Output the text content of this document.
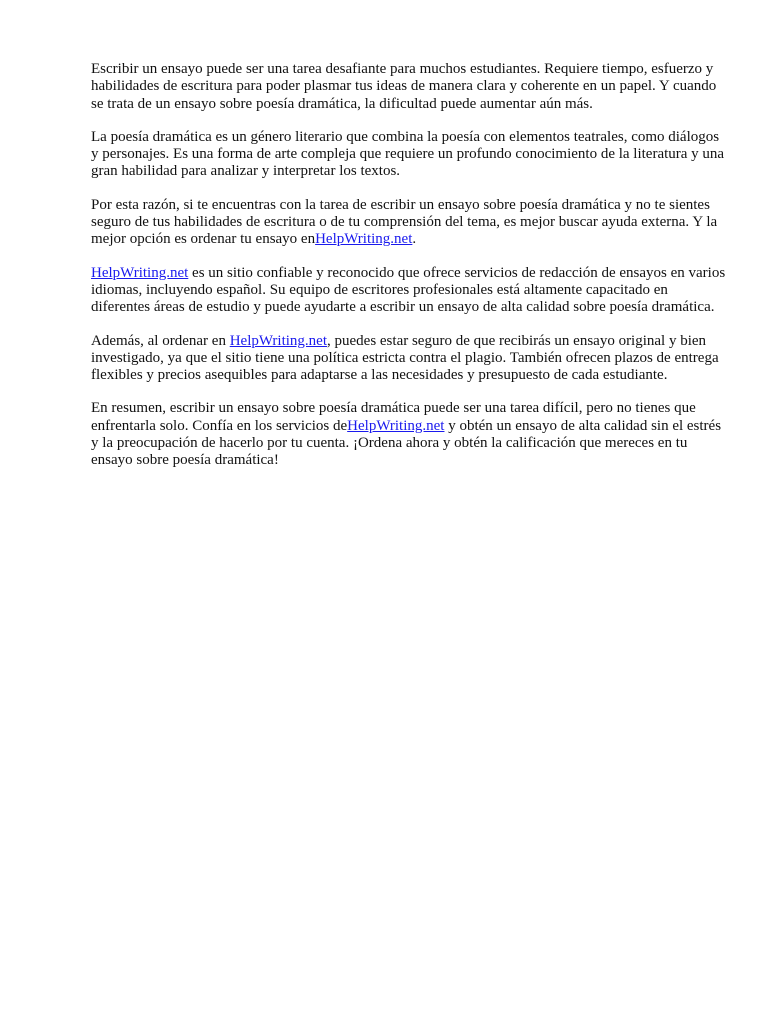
Escribir un ensayo puede ser una tarea desafiante para muchos estudiantes. Requiere tiempo, esfuerzo y habilidades de escritura para poder plasmar tus ideas de manera clara y coherente en un papel. Y cuando se trata de un ensayo sobre poesía dramática, la dificultad puede aumentar aún más.

La poesía dramática es un género literario que combina la poesía con elementos teatrales, como diálogos y personajes. Es una forma de arte compleja que requiere un profundo conocimiento de la literatura y una gran habilidad para analizar y interpretar los textos.

Por esta razón, si te encuentras con la tarea de escribir un ensayo sobre poesía dramática y no te sientes seguro de tus habilidades de escritura o de tu comprensión del tema, es mejor buscar ayuda externa. Y la mejor opción es ordenar tu ensayo enHelpWriting.net.

HelpWriting.net es un sitio confiable y reconocido que ofrece servicios de redacción de ensayos en varios idiomas, incluyendo español. Su equipo de escritores profesionales está altamente capacitado en diferentes áreas de estudio y puede ayudarte a escribir un ensayo de alta calidad sobre poesía dramática.

Además, al ordenar en HelpWriting.net, puedes estar seguro de que recibirás un ensayo original y bien investigado, ya que el sitio tiene una política estricta contra el plagio. También ofrecen plazos de entrega flexibles y precios asequibles para adaptarse a las necesidades y presupuesto de cada estudiante.

En resumen, escribir un ensayo sobre poesía dramática puede ser una tarea difícil, pero no tienes que enfrentarla solo. Confía en los servicios deHelpWriting.net y obtén un ensayo de alta calidad sin el estrés y la preocupación de hacerlo por tu cuenta. ¡Ordena ahora y obtén la calificación que mereces en tu ensayo sobre poesía dramática!
